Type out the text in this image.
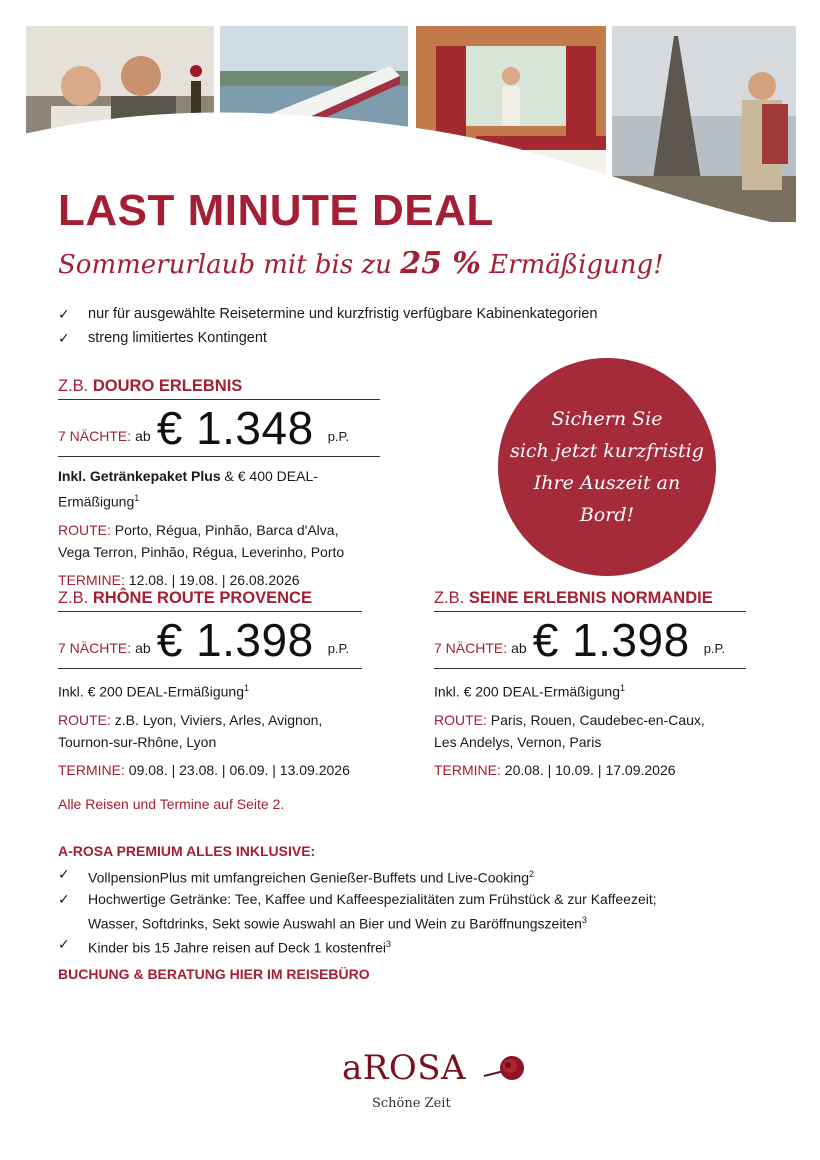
LAST MINUTE DEAL
Sommerurlaub mit bis zu 25 % Ermäßigung!
✓	nur für ausgewählte Reisetermine und kurzfristig verfügbare Kabinenkategorien
✓	streng limitiertes Kontingent
Z.B. DOURO ERLEBNIS
7 NÄCHTE: ab € 1.348 p.P.
Inkl. Getränkepaket Plus & € 400 DEAL-Ermäßigung$^1$
ROUTE: Porto, Régua, Pinhão, Barca d'Alva,
Vega Terron, Pinhão, Régua, Leverinho, Porto
TERMINE: 12.08. | 19.08. | 26.08.2026
Sichern Sie
sich jetzt kurzfristig
Ihre Auszeit an
Bord!
Z.B. RHÔNE ROUTE PROVENCE
7 NÄCHTE: ab € 1.398 p.P.
Inkl. € 200 DEAL-Ermäßigung$^1$
ROUTE: z.B. Lyon, Viviers, Arles, Avignon,
Tournon-sur-Rhône, Lyon
TERMINE: 09.08. | 23.08. | 06.09. | 13.09.2026
Z.B. SEINE ERLEBNIS NORMANDIE
7 NÄCHTE: ab € 1.398 p.P.
Inkl. € 200 DEAL-Ermäßigung$^1$
ROUTE: Paris, Rouen, Caudebec-en-Caux,
Les Andelys, Vernon, Paris
TERMINE: 20.08. | 10.09. | 17.09.2026
Alle Reisen und Termine auf Seite 2.
A-ROSA PREMIUM ALLES INKLUSIVE:
✓	VollpensionPlus mit umfangreichen Genießer-Buffets und Live-Cooking$^2$
✓	Hochwertige Getränke: Tee, Kaffee und Kaffeespezialitäten zum Frühstück & zur Kaffeezeit;
Wasser, Softdrinks, Sekt sowie Auswahl an Bier und Wein zu Baröffnungszeiten$^3$
✓	Kinder bis 15 Jahre reisen auf Deck 1 kostenfrei$^3$
BUCHUNG & BERATUNG HIER IM REISEBÜRO
aROSA
Schöne Zeit
